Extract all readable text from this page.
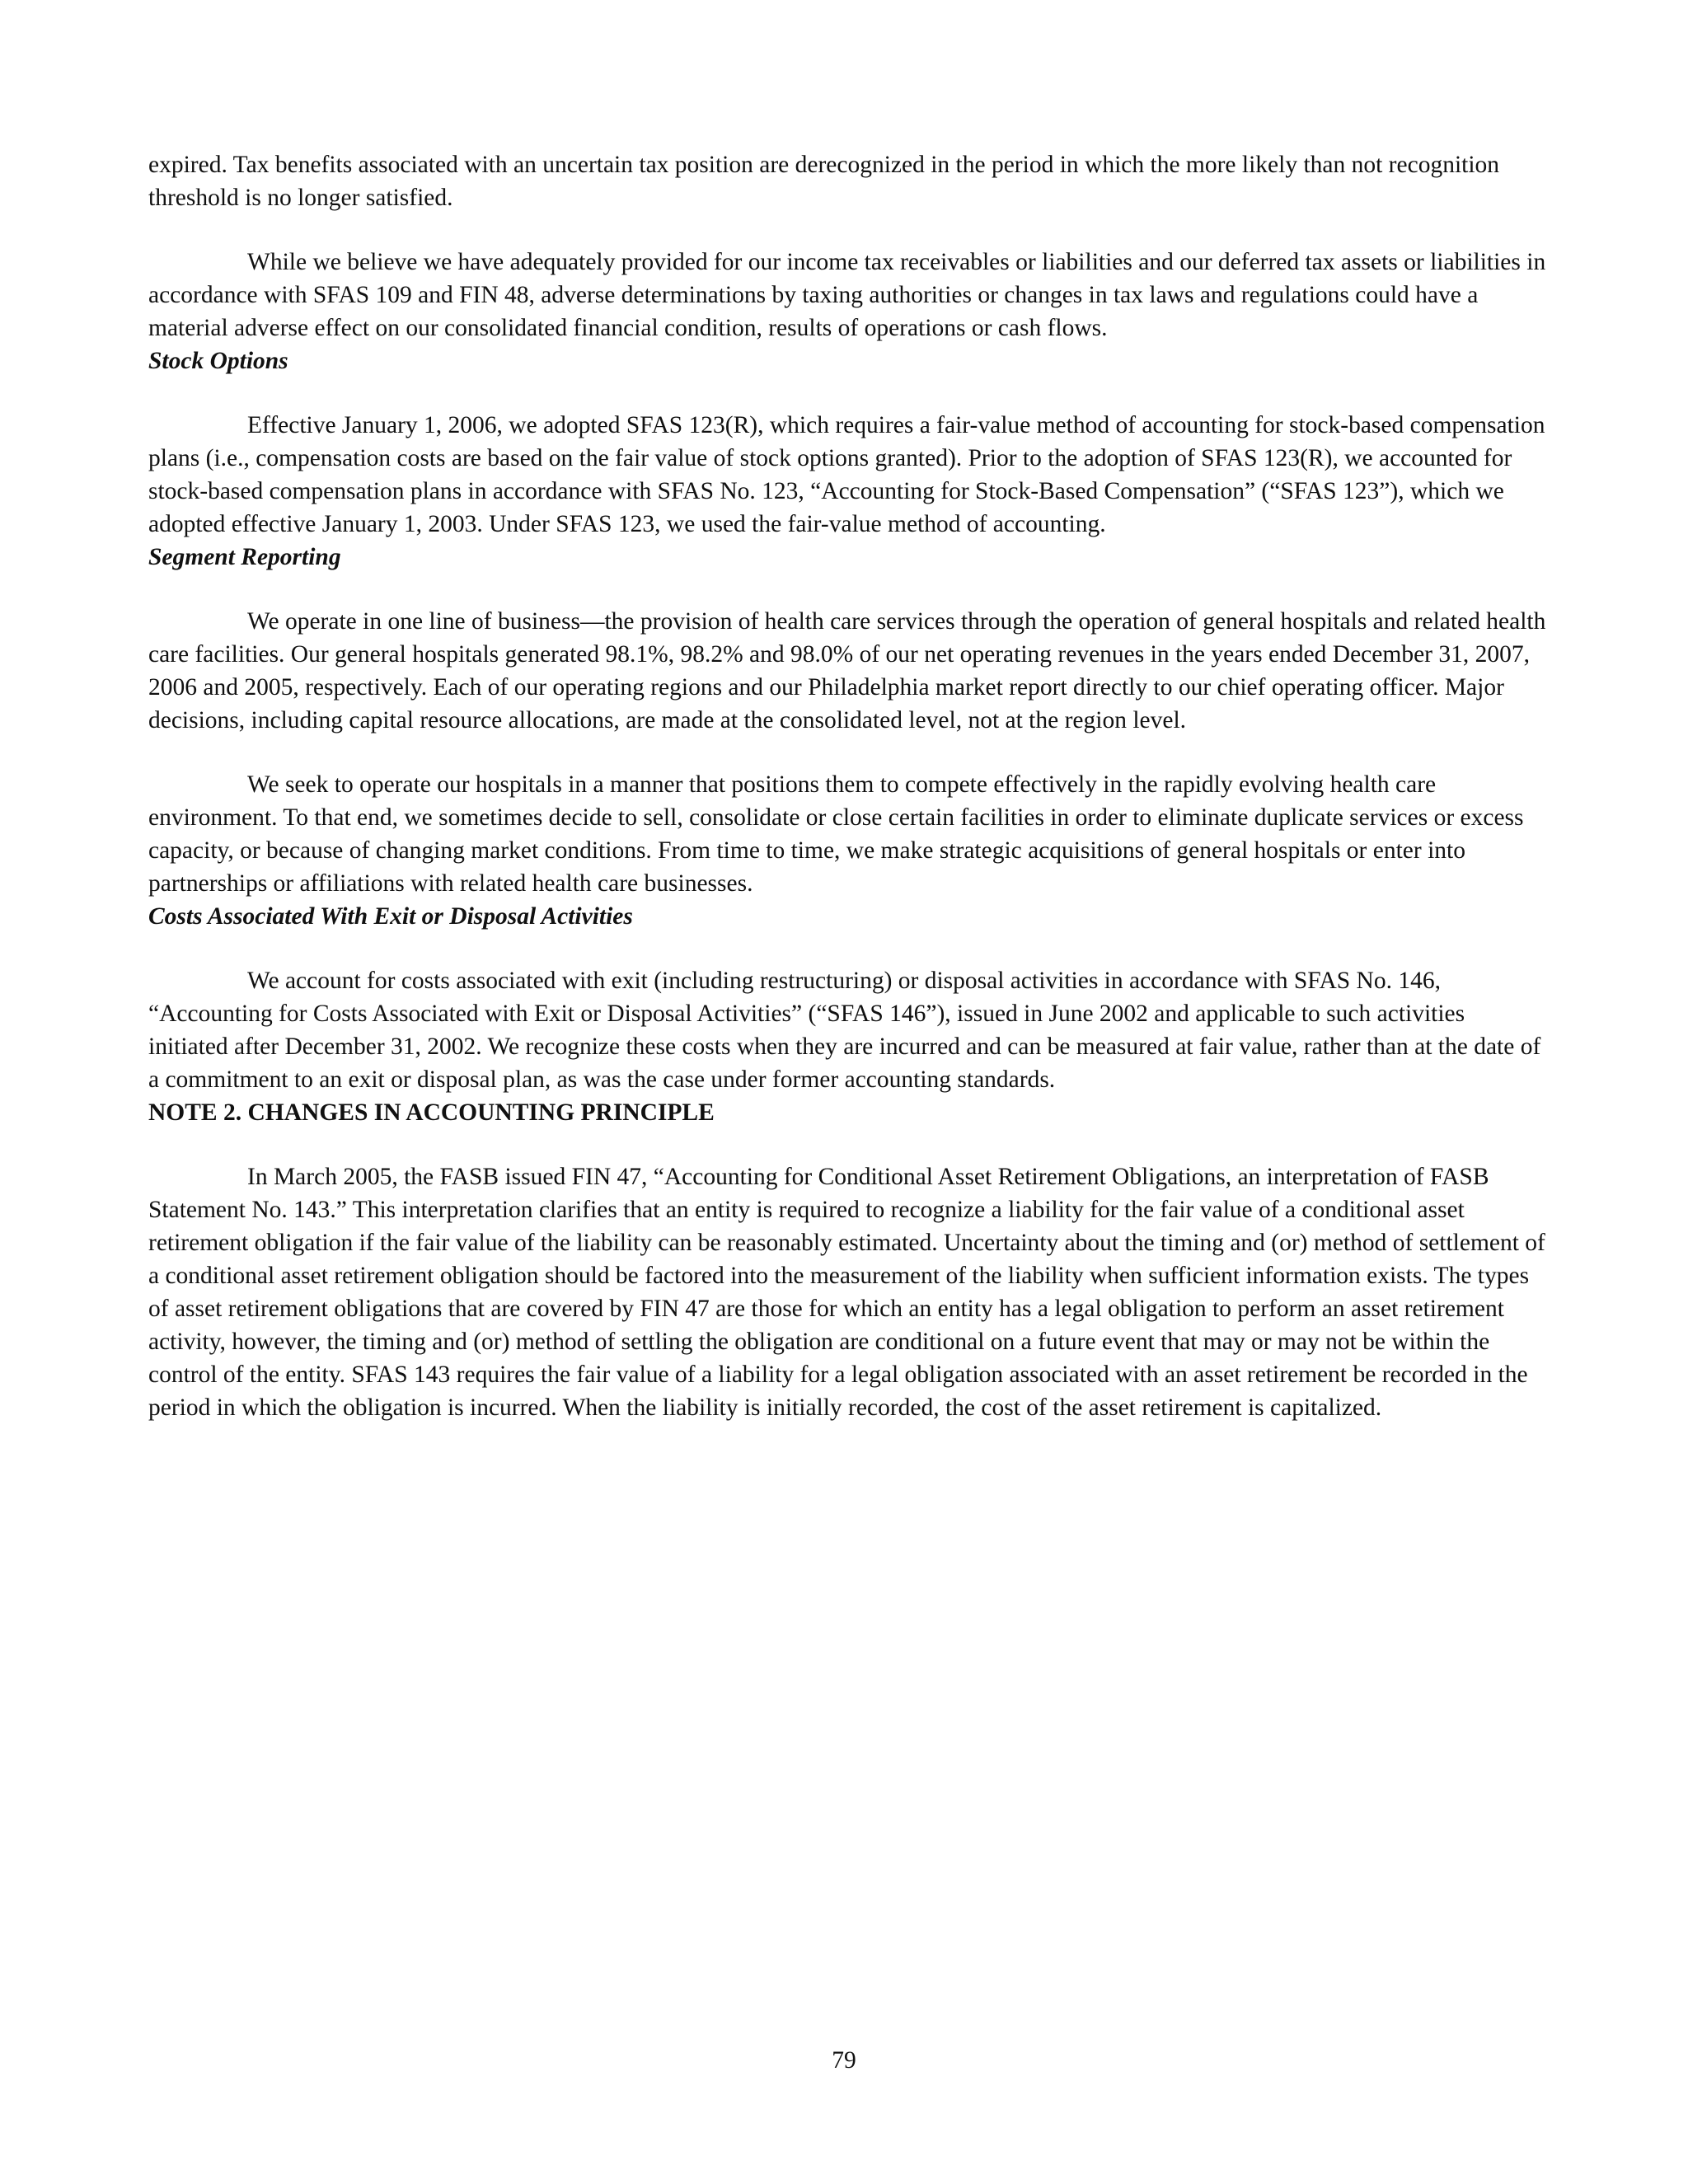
expired. Tax benefits associated with an uncertain tax position are derecognized in the period in which the more likely than not recognition threshold is no longer satisfied.

While we believe we have adequately provided for our income tax receivables or liabilities and our deferred tax assets or liabilities in accordance with SFAS 109 and FIN 48, adverse determinations by taxing authorities or changes in tax laws and regulations could have a material adverse effect on our consolidated financial condition, results of operations or cash flows.

Stock Options

Effective January 1, 2006, we adopted SFAS 123(R), which requires a fair-value method of accounting for stock-based compensation plans (i.e., compensation costs are based on the fair value of stock options granted). Prior to the adoption of SFAS 123(R), we accounted for stock-based compensation plans in accordance with SFAS No. 123, “Accounting for Stock-Based Compensation” (“SFAS 123”), which we adopted effective January 1, 2003. Under SFAS 123, we used the fair-value method of accounting.

Segment Reporting

We operate in one line of business—the provision of health care services through the operation of general hospitals and related health care facilities. Our general hospitals generated 98.1%, 98.2% and 98.0% of our net operating revenues in the years ended December 31, 2007, 2006 and 2005, respectively. Each of our operating regions and our Philadelphia market report directly to our chief operating officer. Major decisions, including capital resource allocations, are made at the consolidated level, not at the region level.

We seek to operate our hospitals in a manner that positions them to compete effectively in the rapidly evolving health care environment. To that end, we sometimes decide to sell, consolidate or close certain facilities in order to eliminate duplicate services or excess capacity, or because of changing market conditions. From time to time, we make strategic acquisitions of general hospitals or enter into partnerships or affiliations with related health care businesses.

Costs Associated With Exit or Disposal Activities

We account for costs associated with exit (including restructuring) or disposal activities in accordance with SFAS No. 146, “Accounting for Costs Associated with Exit or Disposal Activities” (“SFAS 146”), issued in June 2002 and applicable to such activities initiated after December 31, 2002. We recognize these costs when they are incurred and can be measured at fair value, rather than at the date of a commitment to an exit or disposal plan, as was the case under former accounting standards.

NOTE 2. CHANGES IN ACCOUNTING PRINCIPLE

In March 2005, the FASB issued FIN 47, “Accounting for Conditional Asset Retirement Obligations, an interpretation of FASB Statement No. 143.” This interpretation clarifies that an entity is required to recognize a liability for the fair value of a conditional asset retirement obligation if the fair value of the liability can be reasonably estimated. Uncertainty about the timing and (or) method of settlement of a conditional asset retirement obligation should be factored into the measurement of the liability when sufficient information exists. The types of asset retirement obligations that are covered by FIN 47 are those for which an entity has a legal obligation to perform an asset retirement activity, however, the timing and (or) method of settling the obligation are conditional on a future event that may or may not be within the control of the entity. SFAS 143 requires the fair value of a liability for a legal obligation associated with an asset retirement be recorded in the period in which the obligation is incurred. When the liability is initially recorded, the cost of the asset retirement is capitalized.

79
